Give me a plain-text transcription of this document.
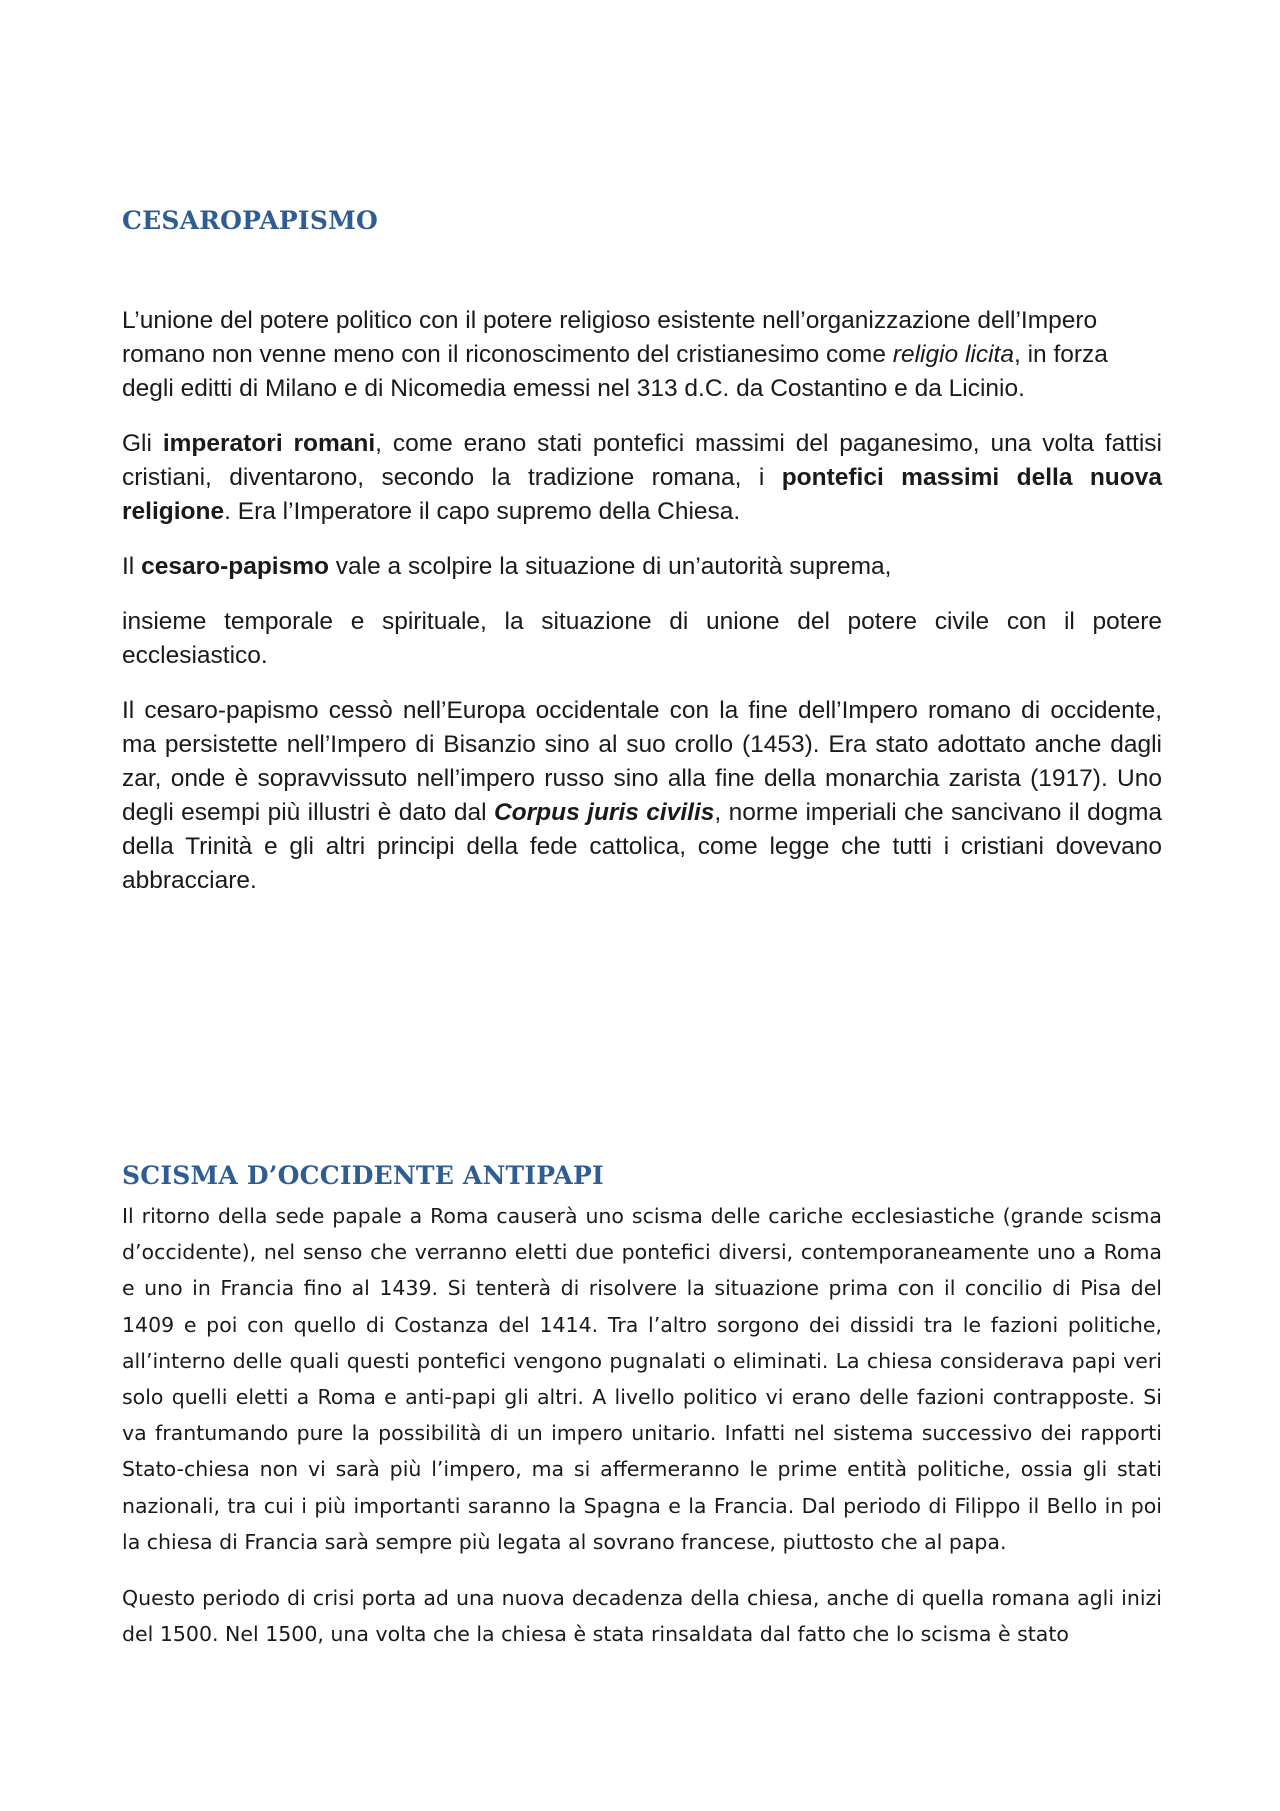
CESAROPAPISMO

L’unione del potere politico con il potere religioso esistente nell’organizzazione dell’Impero romano non venne meno con il riconoscimento del cristianesimo come religio licita, in forza degli editti di Milano e di Nicomedia emessi nel 313 d.C. da Costantino e da Licinio.

Gli imperatori romani, come erano stati pontefici massimi del paganesimo, una volta fattisi cristiani, diventarono, secondo la tradizione romana, i pontefici massimi della nuova religione. Era l’Imperatore il capo supremo della Chiesa.

Il cesaro-papismo vale a scolpire la situazione di un’autorità suprema,

insieme temporale e spirituale, la situazione di unione del potere civile con il potere ecclesiastico.

Il cesaro-papismo cessò nell’Europa occidentale con la fine dell’Impero romano di occidente, ma persistette nell’Impero di Bisanzio sino al suo crollo (1453). Era stato adottato anche dagli zar, onde è sopravvissuto nell’impero russo sino alla fine della monarchia zarista (1917). Uno degli esempi più illustri è dato dal Corpus juris civilis, norme imperiali che sancivano il dogma della Trinità e gli altri principi della fede cattolica, come legge che tutti i cristiani dovevano abbracciare.

SCISMA D’OCCIDENTE ANTIPAPI

Il ritorno della sede papale a Roma causerà uno scisma delle cariche ecclesiastiche (grande scisma d’occidente), nel senso che verranno eletti due pontefici diversi, contemporaneamente uno a Roma e uno in Francia fino al 1439. Si tenterà di risolvere la situazione prima con il concilio di Pisa del 1409 e poi con quello di Costanza del 1414. Tra l’altro sorgono dei dissidi tra le fazioni politiche, all’interno delle quali questi pontefici vengono pugnalati o eliminati. La chiesa considerava papi veri solo quelli eletti a Roma e anti-papi gli altri. A livello politico vi erano delle fazioni contrapposte. Si va frantumando pure la possibilità di un impero unitario. Infatti nel sistema successivo dei rapporti Stato-chiesa non vi sarà più l’impero, ma si affermeranno le prime entità politiche, ossia gli stati nazionali, tra cui i più importanti saranno la Spagna e la Francia. Dal periodo di Filippo il Bello in poi la chiesa di Francia sarà sempre più legata al sovrano francese, piuttosto che al papa.

Questo periodo di crisi porta ad una nuova decadenza della chiesa, anche di quella romana agli inizi del 1500. Nel 1500, una volta che la chiesa è stata rinsaldata dal fatto che lo scisma è stato
